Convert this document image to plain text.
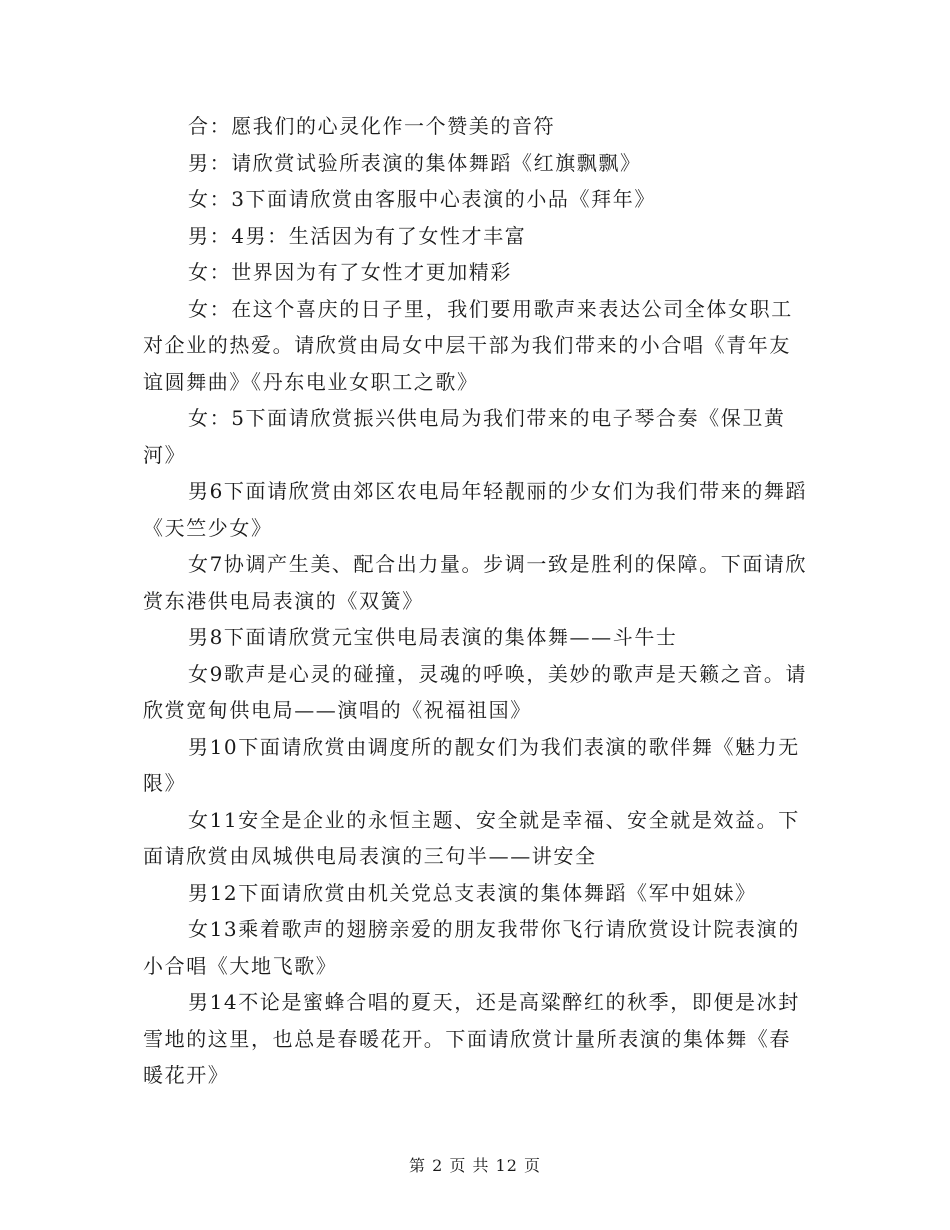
合：愿我们的心灵化作一个赞美的音符

男：请欣赏试验所表演的集体舞蹈《红旗飘飘》

女：3下面请欣赏由客服中心表演的小品《拜年》

男：4男：生活因为有了女性才丰富

女：世界因为有了女性才更加精彩

女：在这个喜庆的日子里，我们要用歌声来表达公司全体女职工对企业的热爱。请欣赏由局女中层干部为我们带来的小合唱《青年友谊圆舞曲》《丹东电业女职工之歌》

女：5下面请欣赏振兴供电局为我们带来的电子琴合奏《保卫黄河》

男6下面请欣赏由郊区农电局年轻靓丽的少女们为我们带来的舞蹈《天竺少女》

女7协调产生美、配合出力量。步调一致是胜利的保障。下面请欣赏东港供电局表演的《双簧》

男8下面请欣赏元宝供电局表演的集体舞——斗牛士

女9歌声是心灵的碰撞，灵魂的呼唤，美妙的歌声是天籁之音。请欣赏宽甸供电局——演唱的《祝福祖国》

男10下面请欣赏由调度所的靓女们为我们表演的歌伴舞《魅力无限》

女11安全是企业的永恒主题、安全就是幸福、安全就是效益。下面请欣赏由凤城供电局表演的三句半——讲安全

男12下面请欣赏由机关党总支表演的集体舞蹈《军中姐妹》

女13乘着歌声的翅膀亲爱的朋友我带你飞行请欣赏设计院表演的小合唱《大地飞歌》

男14不论是蜜蜂合唱的夏天，还是高粱醉红的秋季，即便是冰封雪地的这里，也总是春暖花开。下面请欣赏计量所表演的集体舞《春暖花开》

第 2 页 共 12 页
